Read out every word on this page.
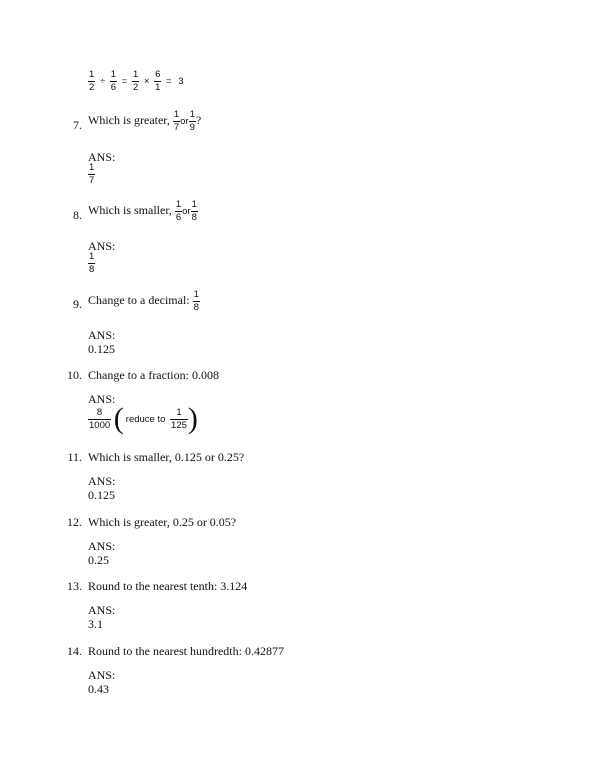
$\frac{1}{2} \div \frac{1}{6} = \frac{1}{2} \times \frac{6}{1} = 3$
7. Which is greater, $\frac{1}{7}$ or $\frac{1}{9}$ ?
ANS:
$\frac{1}{7}$
8. Which is smaller, $\frac{1}{6}$ or $\frac{1}{8}$
ANS:
$\frac{1}{8}$
9. Change to a decimal: $\frac{1}{8}$
ANS:
0.125
10. Change to a fraction: 0.008
ANS:
$\frac{8}{1000}$ ( reduce to $\frac{1}{125}$ )
11. Which is smaller, 0.125 or 0.25?
ANS:
0.125
12. Which is greater, 0.25 or 0.05?
ANS:
0.25
13. Round to the nearest tenth: 3.124
ANS:
3.1
14. Round to the nearest hundredth: 0.42877
ANS:
0.43
